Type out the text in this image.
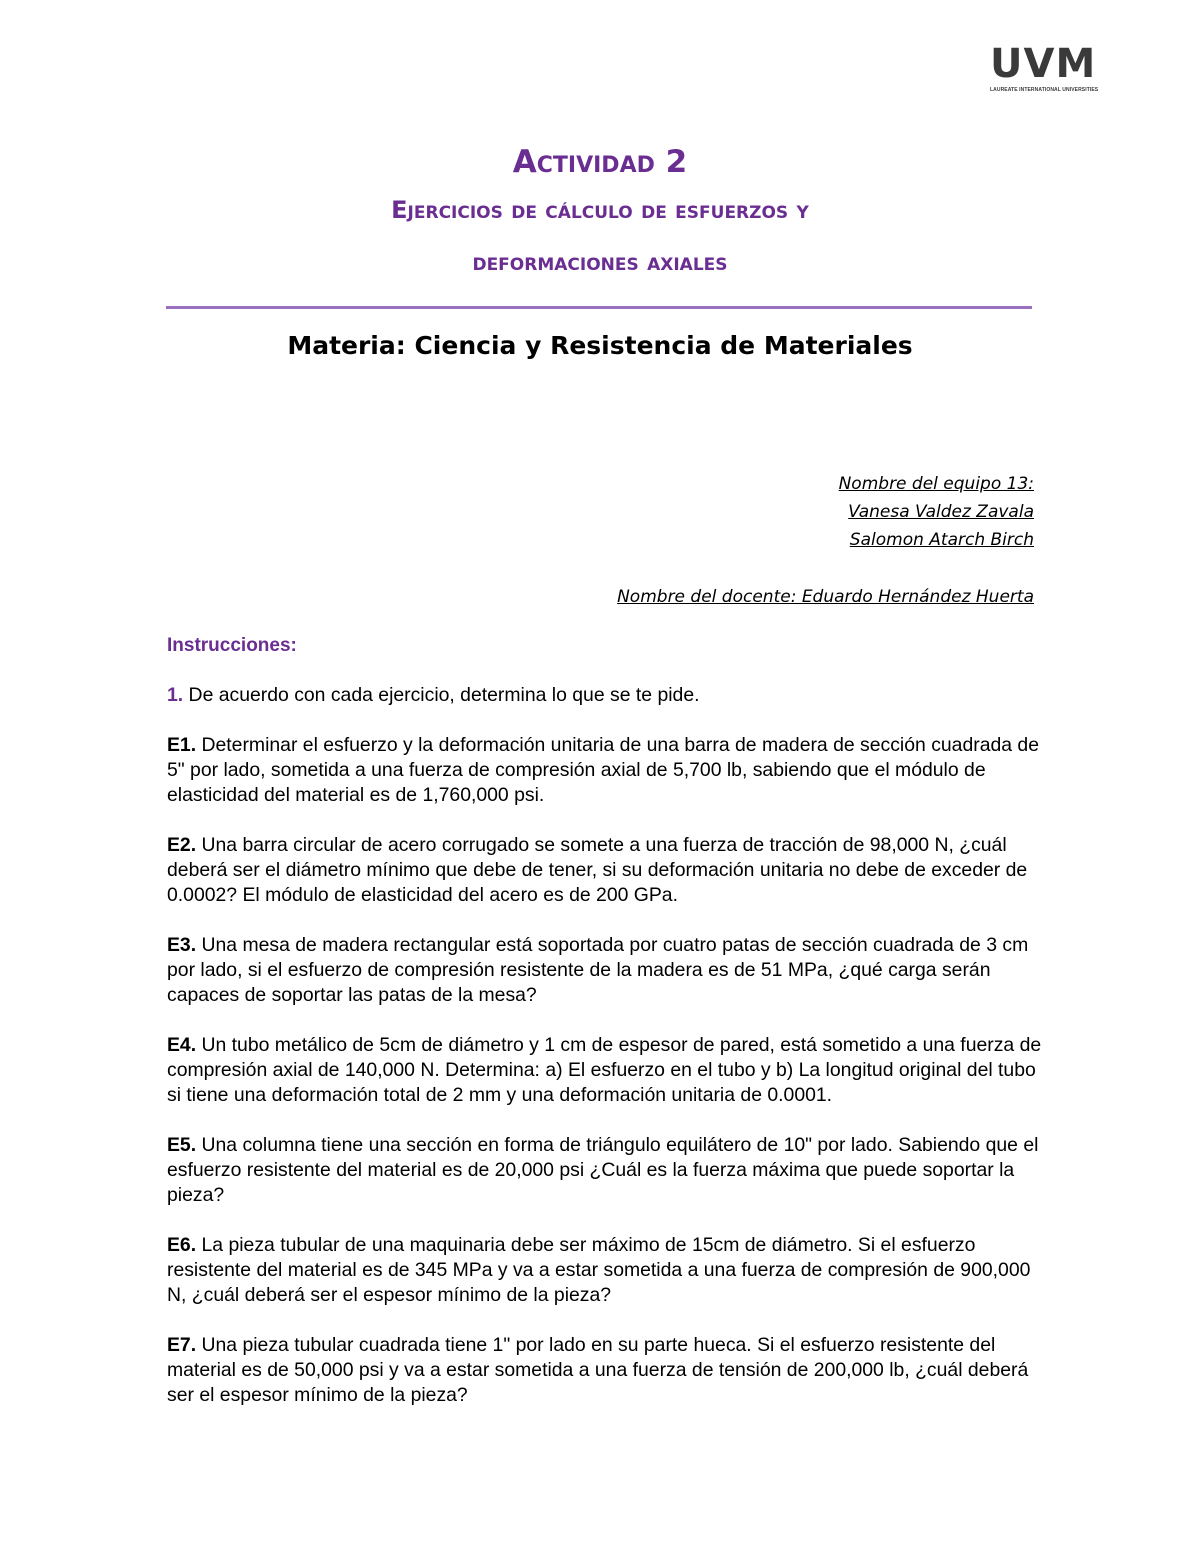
UVM
LAUREATE INTERNATIONAL UNIVERSITIES
Actividad 2
Ejercicios de cálculo de esfuerzos y
deformaciones axiales
Materia: Ciencia y Resistencia de Materiales
Nombre del equipo 13:
Vanesa Valdez Zavala
Salomon Atarch Birch
Nombre del docente: Eduardo Hernández Huerta
Instrucciones:

1. De acuerdo con cada ejercicio, determina lo que se te pide.

E1. Determinar el esfuerzo y la deformación unitaria de una barra de madera de sección cuadrada de 5" por lado, sometida a una fuerza de compresión axial de 5,700 lb, sabiendo que el módulo de elasticidad del material es de 1,760,000 psi.

E2. Una barra circular de acero corrugado se somete a una fuerza de tracción de 98,000 N, ¿cuál deberá ser el diámetro mínimo que debe de tener, si su deformación unitaria no debe de exceder de 0.0002? El módulo de elasticidad del acero es de 200 GPa.

E3. Una mesa de madera rectangular está soportada por cuatro patas de sección cuadrada de 3 cm por lado, si el esfuerzo de compresión resistente de la madera es de 51 MPa, ¿qué carga serán capaces de soportar las patas de la mesa?

E4. Un tubo metálico de 5cm de diámetro y 1 cm de espesor de pared, está sometido a una fuerza de compresión axial de 140,000 N. Determina: a) El esfuerzo en el tubo y b) La longitud original del tubo si tiene una deformación total de 2 mm y una deformación unitaria de 0.0001.

E5. Una columna tiene una sección en forma de triángulo equilátero de 10" por lado. Sabiendo que el esfuerzo resistente del material es de 20,000 psi ¿Cuál es la fuerza máxima que puede soportar la pieza?

E6. La pieza tubular de una maquinaria debe ser máximo de 15cm de diámetro. Si el esfuerzo resistente del material es de 345 MPa y va a estar sometida a una fuerza de compresión de 900,000 N, ¿cuál deberá ser el espesor mínimo de la pieza?

E7. Una pieza tubular cuadrada tiene 1" por lado en su parte hueca. Si el esfuerzo resistente del material es de 50,000 psi y va a estar sometida a una fuerza de tensión de 200,000 lb, ¿cuál deberá ser el espesor mínimo de la pieza?
